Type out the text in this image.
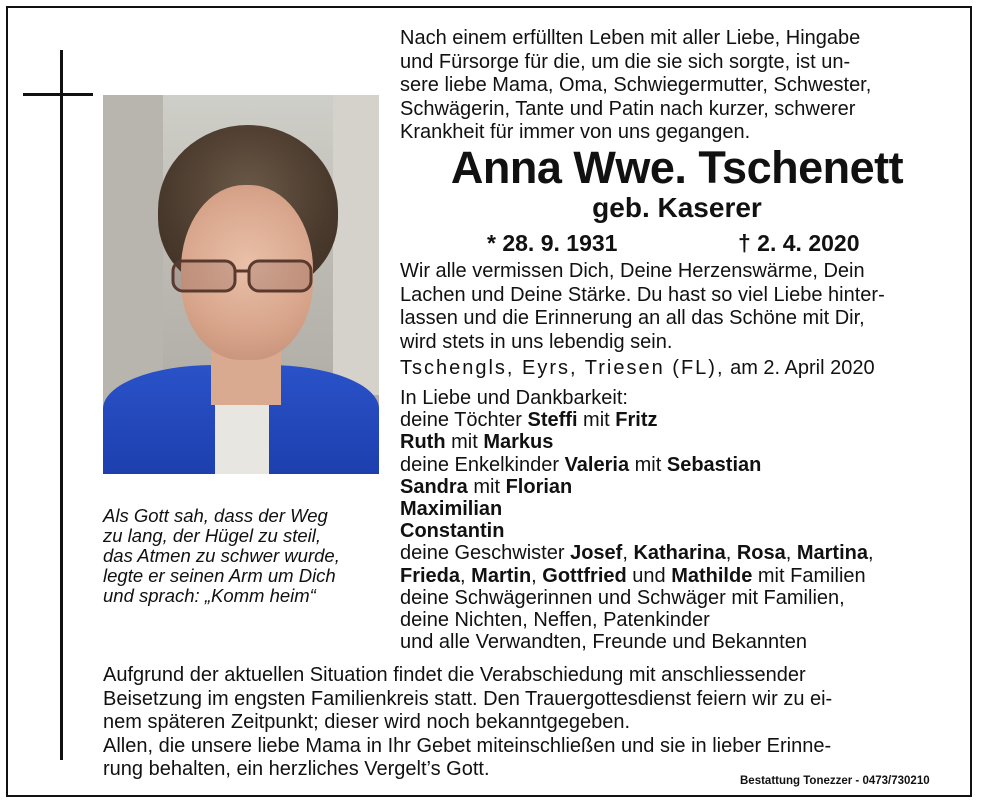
Als Gott sah, dass der Weg
zu lang, der Hügel zu steil,
das Atmen zu schwer wurde,
legte er seinen Arm um Dich
und sprach: „Komm heim“
Nach einem erfüllten Leben mit aller Liebe, Hingabe
und Fürsorge für die, um die sie sich sorgte, ist un-
sere liebe Mama, Oma, Schwiegermutter, Schwester,
Schwägerin, Tante und Patin nach kurzer, schwerer
Krankheit für immer von uns gegangen.
Anna Wwe. Tschenett
geb. Kaserer
* 28. 9. 1931	† 2. 4. 2020
Wir alle vermissen Dich, Deine Herzenswärme, Dein
Lachen und Deine Stärke. Du hast so viel Liebe hinter-
lassen und die Erinnerung an all das Schöne mit Dir,
wird stets in uns lebendig sein.
Tschengls, Eyrs, Triesen (FL), am 2. April 2020
In Liebe und Dankbarkeit:
deine Töchter Steffi mit Fritz
Ruth mit Markus
deine Enkelkinder Valeria mit Sebastian
Sandra mit Florian
Maximilian
Constantin
deine Geschwister Josef, Katharina, Rosa, Martina,
Frieda, Martin, Gottfried und Mathilde mit Familien
deine Schwägerinnen und Schwäger mit Familien,
deine Nichten, Neffen, Patenkinder
und alle Verwandten, Freunde und Bekannten
Aufgrund der aktuellen Situation findet die Verabschiedung mit anschliessender
Beisetzung im engsten Familienkreis statt. Den Trauergottesdienst feiern wir zu ei-
nem späteren Zeitpunkt; dieser wird noch bekanntgegeben.
Allen, die unsere liebe Mama in Ihr Gebet miteinschließen und sie in lieber Erinne-
rung behalten, ein herzliches Vergelt’s Gott.
Bestattung Tonezzer - 0473/730210
